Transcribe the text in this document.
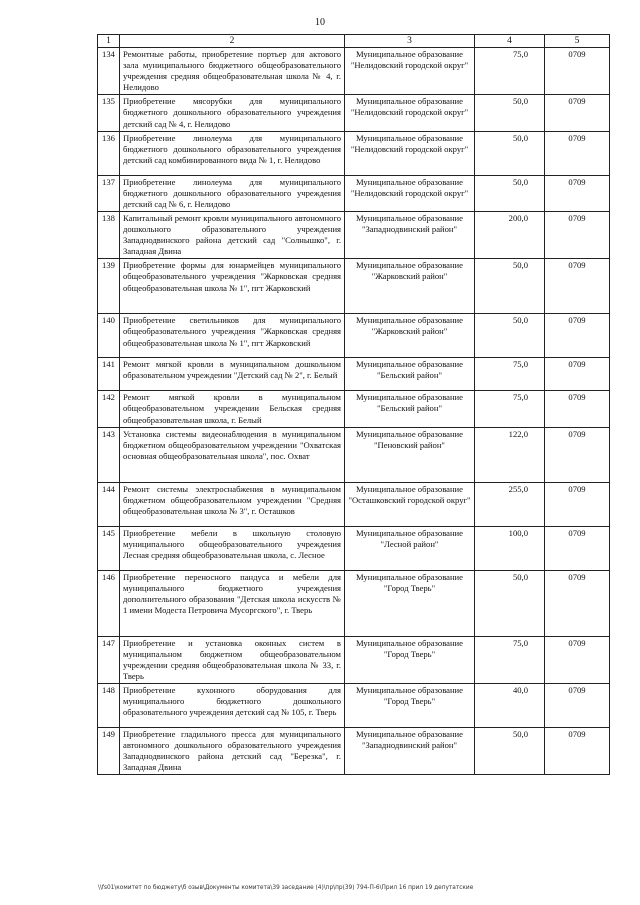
10
1	2	3	4	5
134	Ремонтные работы, приобретение портьер для актового зала муниципального бюджетного общеобразовательного учреждения средняя общеобразовательная школа № 4, г. Нелидово	Муниципальное образование "Нелидовский городской округ"	75,0	0709
135	Приобретение мясорубки для муниципального бюджетного дошкольного образовательного учреждения детский сад № 4, г. Нелидово	Муниципальное образование "Нелидовский городской округ"	50,0	0709
136	Приобретение линолеума для муниципального бюджетного дошкольного образовательного учреждения детский сад комбинированного вида № 1, г. Нелидово	Муниципальное образование "Нелидовский городской округ"	50,0	0709
137	Приобретение линолеума для муниципального бюджетного дошкольного образовательного учреждения детский сад № 6, г. Нелидово	Муниципальное образование "Нелидовский городской округ"	50,0	0709
138	Капитальный ремонт кровли муниципального автономного дошкольного образовательного учреждения Западнодвинского района детский сад "Солнышко", г. Западная Двина	Муниципальное образование "Западнодвинский район"	200,0	0709
139	Приобретение формы для юнармейцев муниципального общеобразовательного учреждения "Жарковская средняя общеобразовательная школа № 1", пгт Жарковский	Муниципальное образование "Жарковский район"	50,0	0709
140	Приобретение светильников для муниципального общеобразовательного учреждения "Жарковская средняя общеобразовательная школа № 1", пгт Жарковский	Муниципальное образование "Жарковский район"	50,0	0709
141	Ремонт мягкой кровли в муниципальном дошкольном образовательном учреждении "Детский сад № 2", г. Белый	Муниципальное образование "Бельский район"	75,0	0709
142	Ремонт мягкой кровли в муниципальном общеобразовательном учреждении Бельская средняя общеобразовательная школа, г. Белый	Муниципальное образование "Бельский район"	75,0	0709
143	Установка системы видеонаблюдения в муниципальном бюджетном общеобразовательном учреждении "Охватская основная общеобразовательная школа", пос. Охват	Муниципальное образование "Пеновский район"	122,0	0709
144	Ремонт системы электроснабжения в муниципальном бюджетном общеобразовательном учреждении "Средняя общеобразовательная школа № 3", г. Осташков	Муниципальное образование "Осташковский городской округ"	255,0	0709
145	Приобретение мебели в школьную столовую муниципального общеобразовательного учреждения Лесная средняя общеобразовательная школа, с. Лесное	Муниципальное образование "Лесной район"	100,0	0709
146	Приобретение переносного пандуса и мебели для муниципального бюджетного учреждения дополнительного образования "Детская школа искусств № 1 имени Модеста Петровича Мусоргского", г. Тверь	Муниципальное образование "Город Тверь"	50,0	0709
147	Приобретение и установка оконных систем в муниципальном бюджетном общеобразовательном учреждении средняя общеобразовательная школа № 33, г. Тверь	Муниципальное образование "Город Тверь"	75,0	0709
148	Приобретение кухонного оборудования для муниципального бюджетного дошкольного образовательного учреждения детский сад № 105, г. Тверь	Муниципальное образование "Город Тверь"	40,0	0709
149	Приобретение гладильного пресса для муниципального автономного дошкольного образовательного учреждения Западнодвинского района детский сад "Березка", г. Западная Двина	Муниципальное образование "Западнодвинский район"	50,0	0709
\\fs01\комитет по бюджету\б озыв\Документы комитета\39 заседание (4)\пр\пр(39) 794-П-6\Прил 16 прил 19 депутатские
